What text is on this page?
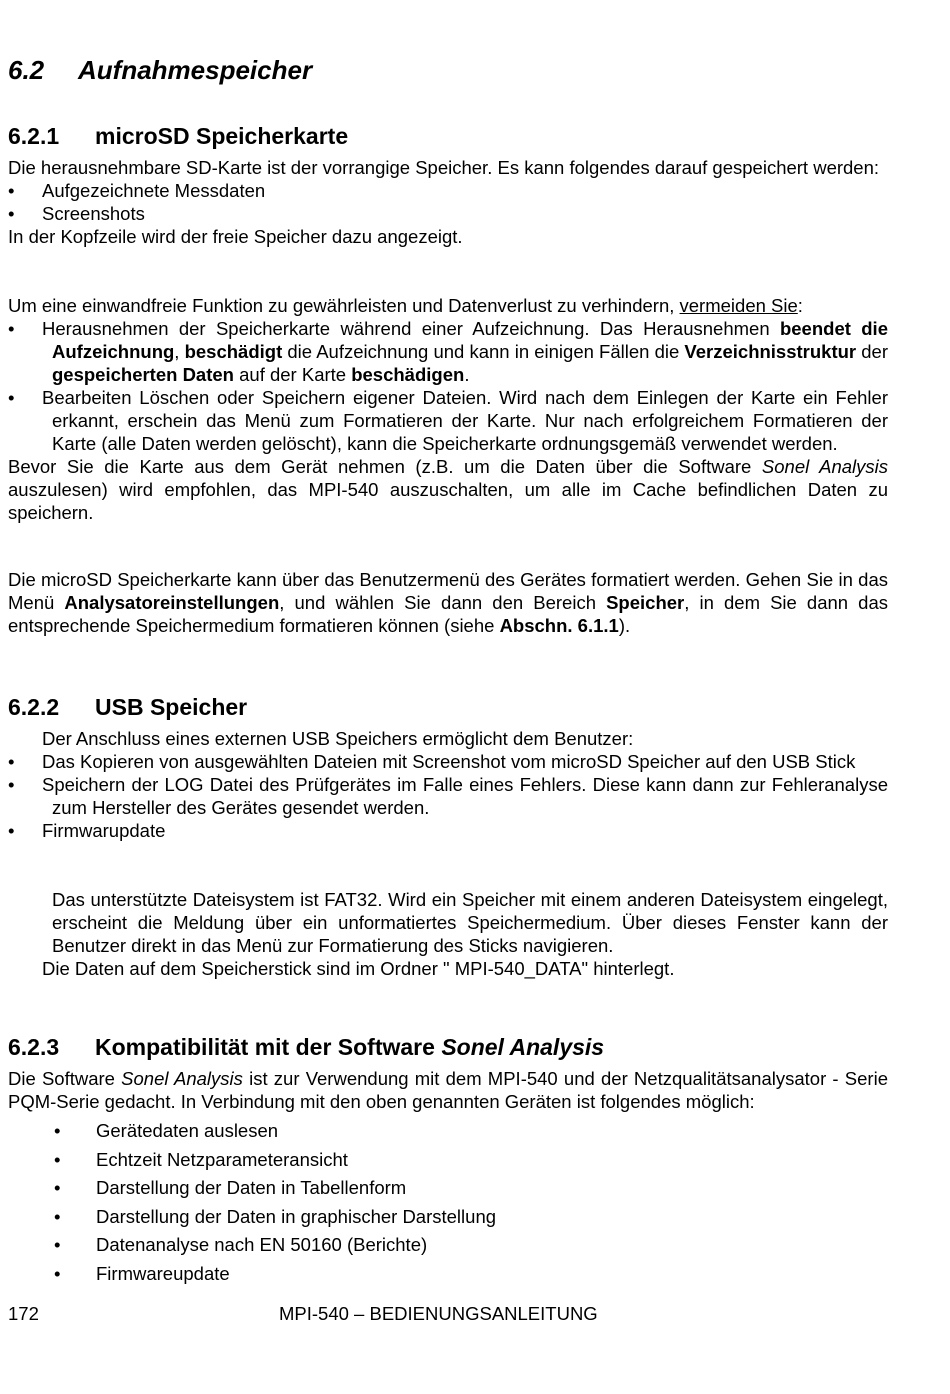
6.2 Aufnahmespeicher
6.2.1 microSD Speicherkarte

Die herausnehmbare SD-Karte ist der vorrangige Speicher. Es kann folgendes darauf gespeichert werden:

• Aufgezeichnete Messdaten
• Screenshots

In der Kopfzeile wird der freie Speicher dazu angezeigt.

Um eine einwandfreie Funktion zu gewährleisten und Datenverlust zu verhindern, vermeiden Sie:

• Herausnehmen der Speicherkarte während einer Aufzeichnung. Das Herausnehmen beendet die Aufzeichnung, beschädigt die Aufzeichnung und kann in einigen Fällen die Verzeichnisstruktur der gespeicherten Daten auf der Karte beschädigen.
• Bearbeiten Löschen oder Speichern eigener Dateien. Wird nach dem Einlegen der Karte ein Fehler erkannt, erschein das Menü zum Formatieren der Karte. Nur nach erfolgreichem Formatieren der Karte (alle Daten werden gelöscht), kann die Speicherkarte ordnungsgemäß verwendet werden.

Bevor Sie die Karte aus dem Gerät nehmen (z.B. um die Daten über die Software Sonel Analysis auszulesen) wird empfohlen, das MPI-540 auszuschalten, um alle im Cache befindlichen Daten zu speichern.

Die microSD Speicherkarte kann über das Benutzermenü des Gerätes formatiert werden. Gehen Sie in das Menü Analysatoreinstellungen, und wählen Sie dann den Bereich Speicher, in dem Sie dann das entsprechende Speichermedium formatieren können (siehe Abschn. 6.1.1).

6.2.2 USB Speicher

Der Anschluss eines externen USB Speichers ermöglicht dem Benutzer:

• Das Kopieren von ausgewählten Dateien mit Screenshot vom microSD Speicher auf den USB Stick
• Speichern der LOG Datei des Prüfgerätes im Falle eines Fehlers. Diese kann dann zur Fehleranalyse zum Hersteller des Gerätes gesendet werden.
• Firmwarupdate

Das unterstützte Dateisystem ist FAT32. Wird ein Speicher mit einem anderen Dateisystem eingelegt, erscheint die Meldung über ein unformatiertes Speichermedium. Über dieses Fenster kann der Benutzer direkt in das Menü zur Formatierung des Sticks navigieren.

Die Daten auf dem Speicherstick sind im Ordner " MPI-540_DATA" hinterlegt.

6.2.3 Kompatibilität mit der Software Sonel Analysis

Die Software Sonel Analysis ist zur Verwendung mit dem MPI-540 und der Netzqualitätsanalysator - Serie PQM-Serie gedacht. In Verbindung mit den oben genannten Geräten ist folgendes möglich:

• Gerätedaten auslesen
• Echtzeit Netzparameteransicht
• Darstellung der Daten in Tabellenform
• Darstellung der Daten in graphischer Darstellung
• Datenanalyse nach EN 50160 (Berichte)
• Firmwareupdate
172	MPI-540 – BEDIENUNGSANLEITUNG
